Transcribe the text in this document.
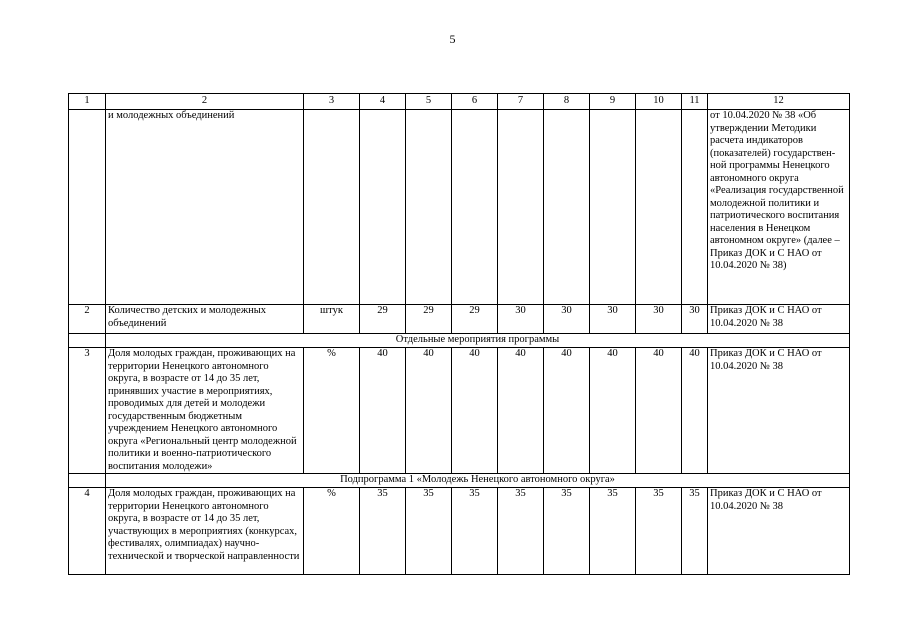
5
1	2	3	4	5	6	7	8	9	10	11	12
	и молодежных объединений										от 10.04.2020 № 38 «Об утверждении Методики расчета индикаторов (показателей) государствен-ной программы Ненецкого автономного округа «Реализация государственной молодежной политики и патриотического воспитания населения в Ненецком автономном округе» (далее – Приказ ДОК и С НАО от 10.04.2020 № 38)
2	Количество детских и молодежных объединений	штук	29	29	29	30	30	30	30	30	Приказ ДОК и С НАО от 10.04.2020 № 38
	Отдельные мероприятия программы										
3	Доля молодых граждан, проживающих на территории Ненецкого автономного округа, в возрасте от 14 до 35 лет, принявших участие в мероприятиях, проводимых для детей и молодежи государственным бюджетным учреждением Ненецкого автономного округа «Региональный центр молодежной политики и военно-патриотического воспитания молодежи»	%	40	40	40	40	40	40	40	40	Приказ ДОК и С НАО от 10.04.2020 № 38
	Подпрограмма 1 «Молодежь Ненецкого автономного округа»										
4	Доля молодых граждан, проживающих на территории Ненецкого автономного округа, в возрасте от 14 до 35 лет, участвующих в мероприятиях (конкурсах, фестивалях, олимпиадах) научно-технической и творческой направленности	%	35	35	35	35	35	35	35	35	Приказ ДОК и С НАО от 10.04.2020 № 38
